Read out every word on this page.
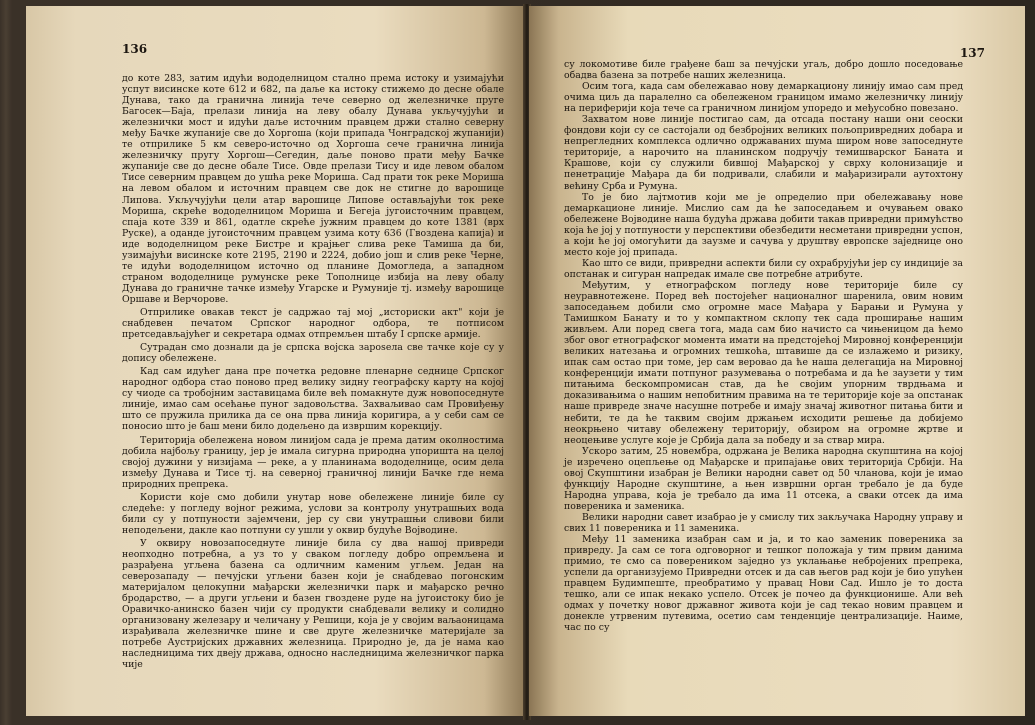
136

до коте 283, затим идући вододелницом стално према истоку и узимајући успут висинске коте 612 и 682, па даље ка истоку стижемо до десне обале Дунава, тако да гранична линија тече северно од железничке пруге Багосек—Баја, прелази линија на леву обалу Дунава укључујући и железнички мост и идући даље источним правцем држи стално северну међу Бачке жупаније све до Хоргоша (који припада Чонградској жупанији) те отприлике 5 км северо-источно од Хоргоша сече гранична линија железничку пругу Хоргош—Сегедин, даље поново прати међу Бачке жупаније све до десне обале Тисе. Овде прелази Тису и иде левом обалом Тисе северним правцем до ушћа реке Мориша. Сад прати ток реке Мориша на левом обалом и источним правцем све док не стигне до варошице Липова. Укључујући цели атар варошице Липове остављајући ток реке Мориша, скреће вододелницом Мориша и Бегеја југоисточним правцем, спаја коте 339 и 861, одатле скреће јужним правцем до коте 1381 (врх Руске), а оданде југоисточним правцем узима коту 636 (Гвоздена капија) и иде вододелницом реке Бистре и крајњег слива реке Тамиша да би, узимајући висинске коте 2195, 2190 и 2224, добио још и слив реке Черне, те идући вододелницом источно од планине Домогледа, а западном страном вододелнице румунске реке Тополнице избија на леву обалу Дунава до граничне тачке између Угарске и Румуније тј. између варошице Оршаве и Верчорове.

Отприлике овакав текст је садржао тај мој „историски акт" који је снабдевен печатом Српског народног одбора, те потписом претседављајућег и секретара одмах отпремљен штабу I српске армије.

Сутрадан смо дознали да је српска војска заposела све тачке које су у допису обележене.

Кад сам идућег дана пре почетка редовне пленарне седнице Српског народног одбора стао поново пред велику зидну географску карту на којој су чиоде са тробојним заставицама биле већ помакнуте дуж новопоседнуте линије, имао сам осећање пуног задовољства. Захваљивао сам Провиђењу што се пружила прилика да се она прва линија коригира, а у себи сам се поносио што је баш мени било додељено да извршим корекцију.

Територија обележена новом линијом сада је према датим околностима добила најбољу границу, јер је имала сигурна природна упоришта на целој својој дужини у низијама — реке, а у планинама вододелнице, осим дела између Дунава и Тисе тј. на северној граничној линији Бачке где нема природних препрека.

Користи које смо добили унутар нове обележене линије биле су следеће: у погледу војног режима, услови за контролу унутрашњих вода били су у потпуности зајемчени, јер су сви унутрашњи сливови били неподељени, дакле као потпуни су ушли у оквир будуће Војводине.

У оквиру новозапоседнуте линије била су два нашој привреди неопходно потребна, а уз то у сваком погледу добро опремљена и разрађена угљена базена са одличним каменим угљем. Један на северозападу — печујски угљени базен који је снабдевао погонским материјалом целокупни мађарски железнички парк и мађарско речно бродарство, — а други угљени и базен гвоздене руде на југоистоку био је Оравичко-анинско базен чији су продукти снабдевали велику и солидно организовану железару и челичану у Решици, која је у својим ваљаоницама израђивала железничке шине и све друге железничке материјале за потребе Аустријских државних железница. Природно је, да је нама као наследницима тих двеју држава, односно наследницима железничког парка чије

137

су локомотиве биле грађене баш за печујски угаљ, добро дошло поседовање обадва базена за потребе наших железница.

Осим тога, када сам обележавао нову демаркациону линију имао сам пред очима циљ да паралелно са обележеном границом имамо железничку линију на периферији која тече са граничном линијом упоредо и међусобно повезано.

Захватом нове линије постигао сам, да отсада постану наши они сеоски фондови који су се састојали од безбројних великих пољопривредних добара и непрегледних комплекса одлично одржаваних шума широм нове запоседнуте територије, а нарочито на планинском подручју темишварског Баната и Крашове, који су служили бившој Мађарској у сврху колонизације и пенетрације Мађара да би подривали, слабили и мађаризирали аутохтону већину Срба и Румуна.

То је био лајтмотив који ме је определио при обележавању нове демаркационе линије. Мислио сам да ће запоседањем и очувањем овако обележене Војводине наша будућа држава добити такав привредни примућство која ће јој у потпуности у перспективи обезбедити несметани привредни успон, а који ће јој омогућити да заузме и сачува у друштву европске заједнице оно место које јој припада.

Као што се види, привредни аспекти били су охрабрујући јер су индиције за опстанак и сигуран напредак имале све потребне атрибуте.

Међутим, у етнографском погледу нове територије биле су неуравнотежене. Поред већ постојећег националног шаренила, овим новим запоседањем добили смо огромне масе Мађара у Барањи и Румуна у Тамишком Банату и то у компактном склопу тек сада проширање нашим живљем. Али поред свега тога, мада сам био начисто са чињеницом да ћемо због овог етнографског момента имати на предстојећој Мировној конференцији великих натезања и огромних тешкоћа, штавише да се излажемо и ризику, ипак сам остао при томе, јер сам веровао да ће наша делегација на Мировној конференцији имати потпуног разумевања о потребама и да ће заузети у тим питањима бескомпромисан став, да ће својим упорним тврдњама и доказивањима о нашим непобитним правима на те територије које за опстанак наше привреде значе насушне потребе и имају значај животног питања бити и небити, те да ће таквим својим држањем исходити решење да добијемо неокрњено читаву обележену територију, обзиром на огромне жртве и неоцењиве услуге које је Србија дала за победу и за ствар мира.

Ускоро затим, 25 новембра, одржана је Велика народна скупштина на којој је изречено оцепљење од Мађарске и припајање ових територија Србији. На овој Скупштини изабран је Велики народни савет од 50 чланова, који је имао функцију Народне скупштине, а њен извршни орган требало је да буде Народна управа, која је требало да има 11 отсека, а сваки отсек да има повереника и заменика.

Велики народни савет изабрао је у смислу тих закључака Народну управу и свих 11 повереника и 11 заменика.

Међу 11 заменика изабран сам и ја, и то као заменик повереника за привреду. Ја сам се тога одговорног и тешког положаја у тим првим данима примио, те смо са повереником заједно уз уклањање небројених препрека, успели да организујемо Привредни отсек и да сав његов рад који је био упућен правцем Будимпеште, преобратимо у правац Нови Сад. Ишло је то доста тешко, али се ипак некако успело. Отсек је почео да функционише. Али већ одмах у почетку новог државног живота који је сад текао новим правцем и донекле утрвеним путевима, осетио сам тенденције централизације. Наиме, час по су
